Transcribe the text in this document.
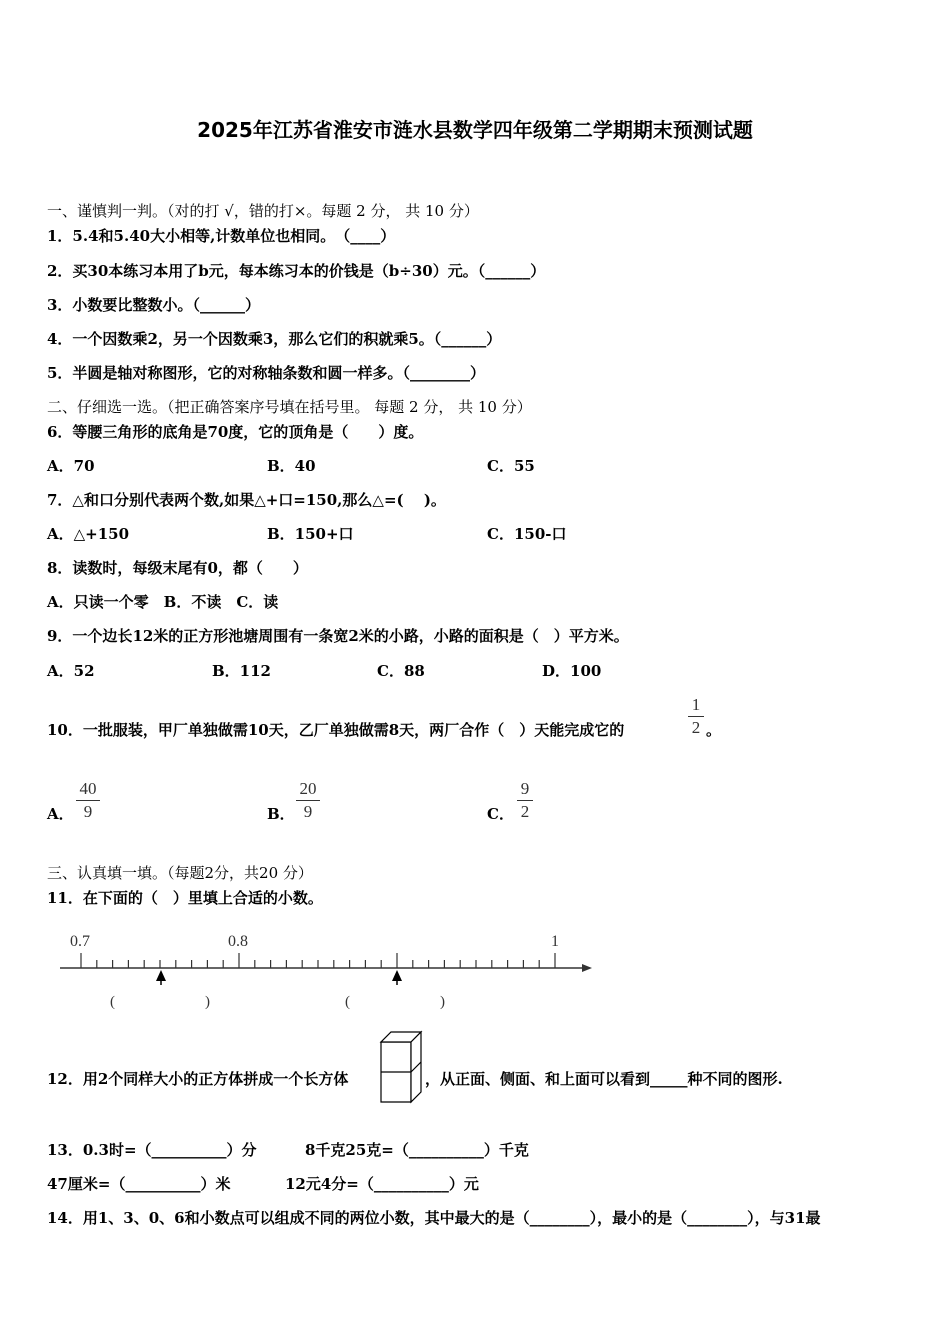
2025年江苏省淮安市涟水县数学四年级第二学期期末预测试题
一、谨慎判一判。（对的打 √，错的打×。每题 2 分， 共 10 分）
1．5.4和5.40大小相等,计数单位也相同。　（____）
2．买30本练习本用了b元，每本练习本的价钱是（b÷30）元。（______）
3．小数要比整数小。（______）
4．一个因数乘2，另一个因数乘3，那么它们的积就乘5。（______）
5．半圆是轴对称图形，它的对称轴条数和圆一样多。（________）
二、仔细选一选。（把正确答案序号填在括号里。 每题 2 分， 共 10 分）
6．等腰三角形的底角是70度，它的顶角是（　　）度。
A．70	B．40	C．55
7．△和口分别代表两个数,如果△+口=150,那么△=(　 )。
A．△+150	B．150+口	C．150-口
8．读数时，每级末尾有0，都（　　）
A．只读一个零　B．不读　C．读
9．一个边长12米的正方形池塘周围有一条宽2米的小路，小路的面积是（　）平方米。
A．52	B．112	C．88	D．100
10．一批服装，甲厂单独做需10天，乙厂单独做需8天，两厂合作（　）天能完成它的
1
2 。
A．
40
9	B．
20
9	C．
9
2
三、认真填一填。（每题2分，共20 分）
11．在下面的（　）里填上合适的小数。
0.7	0.8	1
(　　　　　　)	(　　　　　　)
12．用2个同样大小的正方体拼成一个长方体	，从正面、侧面、和上面可以看到_____种不同的图形.
13．0.3时=（__________）分	8千克25克=（__________）千克
47厘米=（__________）米	12元4分=（__________）元
14．用1、3、0、6和小数点可以组成不同的两位小数，其中最大的是（________），最小的是（________），与31最
